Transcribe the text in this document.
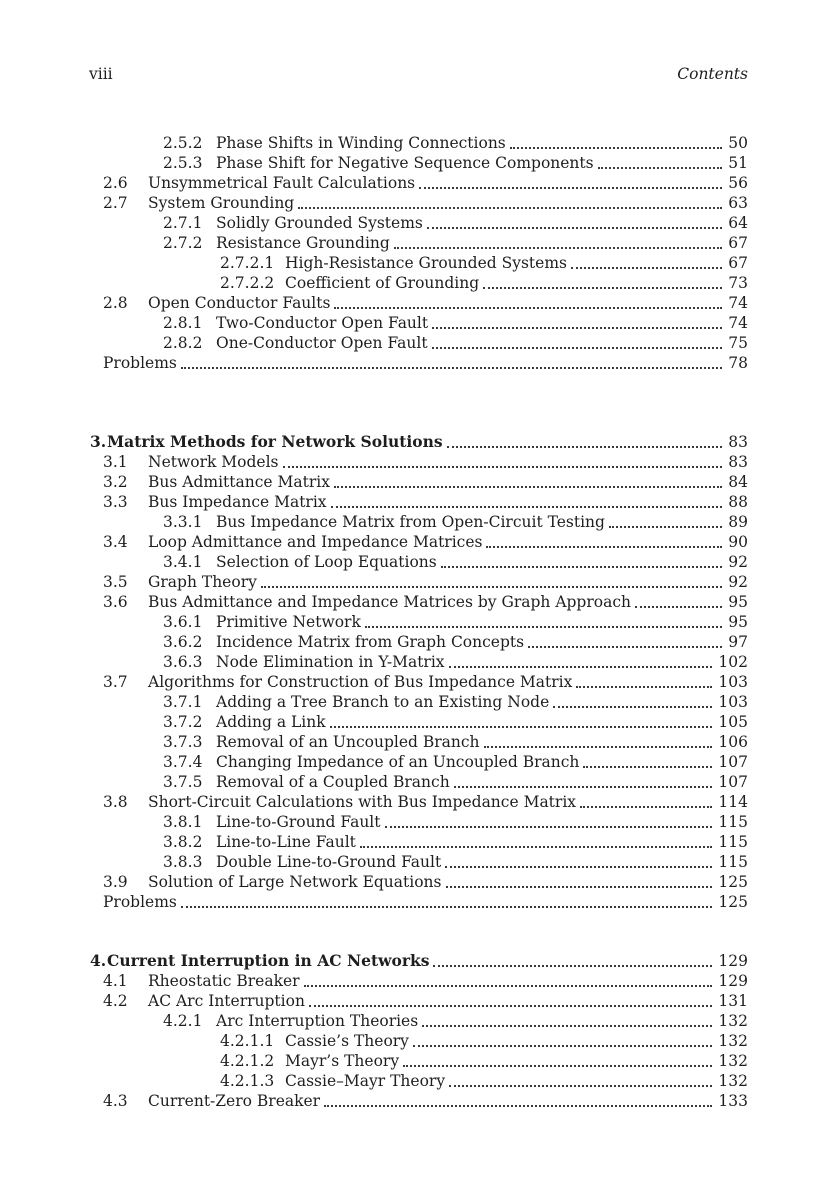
viii	Contents
2.5.2 Phase Shifts in Winding Connections	50
2.5.3 Phase Shift for Negative Sequence Components	51
2.6	Unsymmetrical Fault Calculations	56
2.7	System Grounding	63
2.7.1 Solidly Grounded Systems	64
2.7.2 Resistance Grounding	67
2.7.2.1 High-Resistance Grounded Systems	67
2.7.2.2 Coefficient of Grounding	73
2.8	Open Conductor Faults	74
2.8.1 Two-Conductor Open Fault	74
2.8.2 One-Conductor Open Fault	75
Problems	78
3. Matrix Methods for Network Solutions	83
3.1	Network Models	83
3.2	Bus Admittance Matrix	84
3.3	Bus Impedance Matrix	88
3.3.1 Bus Impedance Matrix from Open-Circuit Testing	89
3.4	Loop Admittance and Impedance Matrices	90
3.4.1 Selection of Loop Equations	92
3.5	Graph Theory	92
3.6	Bus Admittance and Impedance Matrices by Graph Approach	95
3.6.1 Primitive Network	95
3.6.2 Incidence Matrix from Graph Concepts	97
3.6.3 Node Elimination in Y-Matrix	102
3.7	Algorithms for Construction of Bus Impedance Matrix	103
3.7.1 Adding a Tree Branch to an Existing Node	103
3.7.2 Adding a Link	105
3.7.3 Removal of an Uncoupled Branch	106
3.7.4 Changing Impedance of an Uncoupled Branch	107
3.7.5 Removal of a Coupled Branch	107
3.8	Short-Circuit Calculations with Bus Impedance Matrix	114
3.8.1 Line-to-Ground Fault	115
3.8.2 Line-to-Line Fault	115
3.8.3 Double Line-to-Ground Fault	115
3.9	Solution of Large Network Equations	125
Problems	125
4. Current Interruption in AC Networks	129
4.1	Rheostatic Breaker	129
4.2	AC Arc Interruption	131
4.2.1 Arc Interruption Theories	132
4.2.1.1 Cassie’s Theory	132
4.2.1.2 Mayr’s Theory	132
4.2.1.3 Cassie–Mayr Theory	132
4.3	Current-Zero Breaker	133
